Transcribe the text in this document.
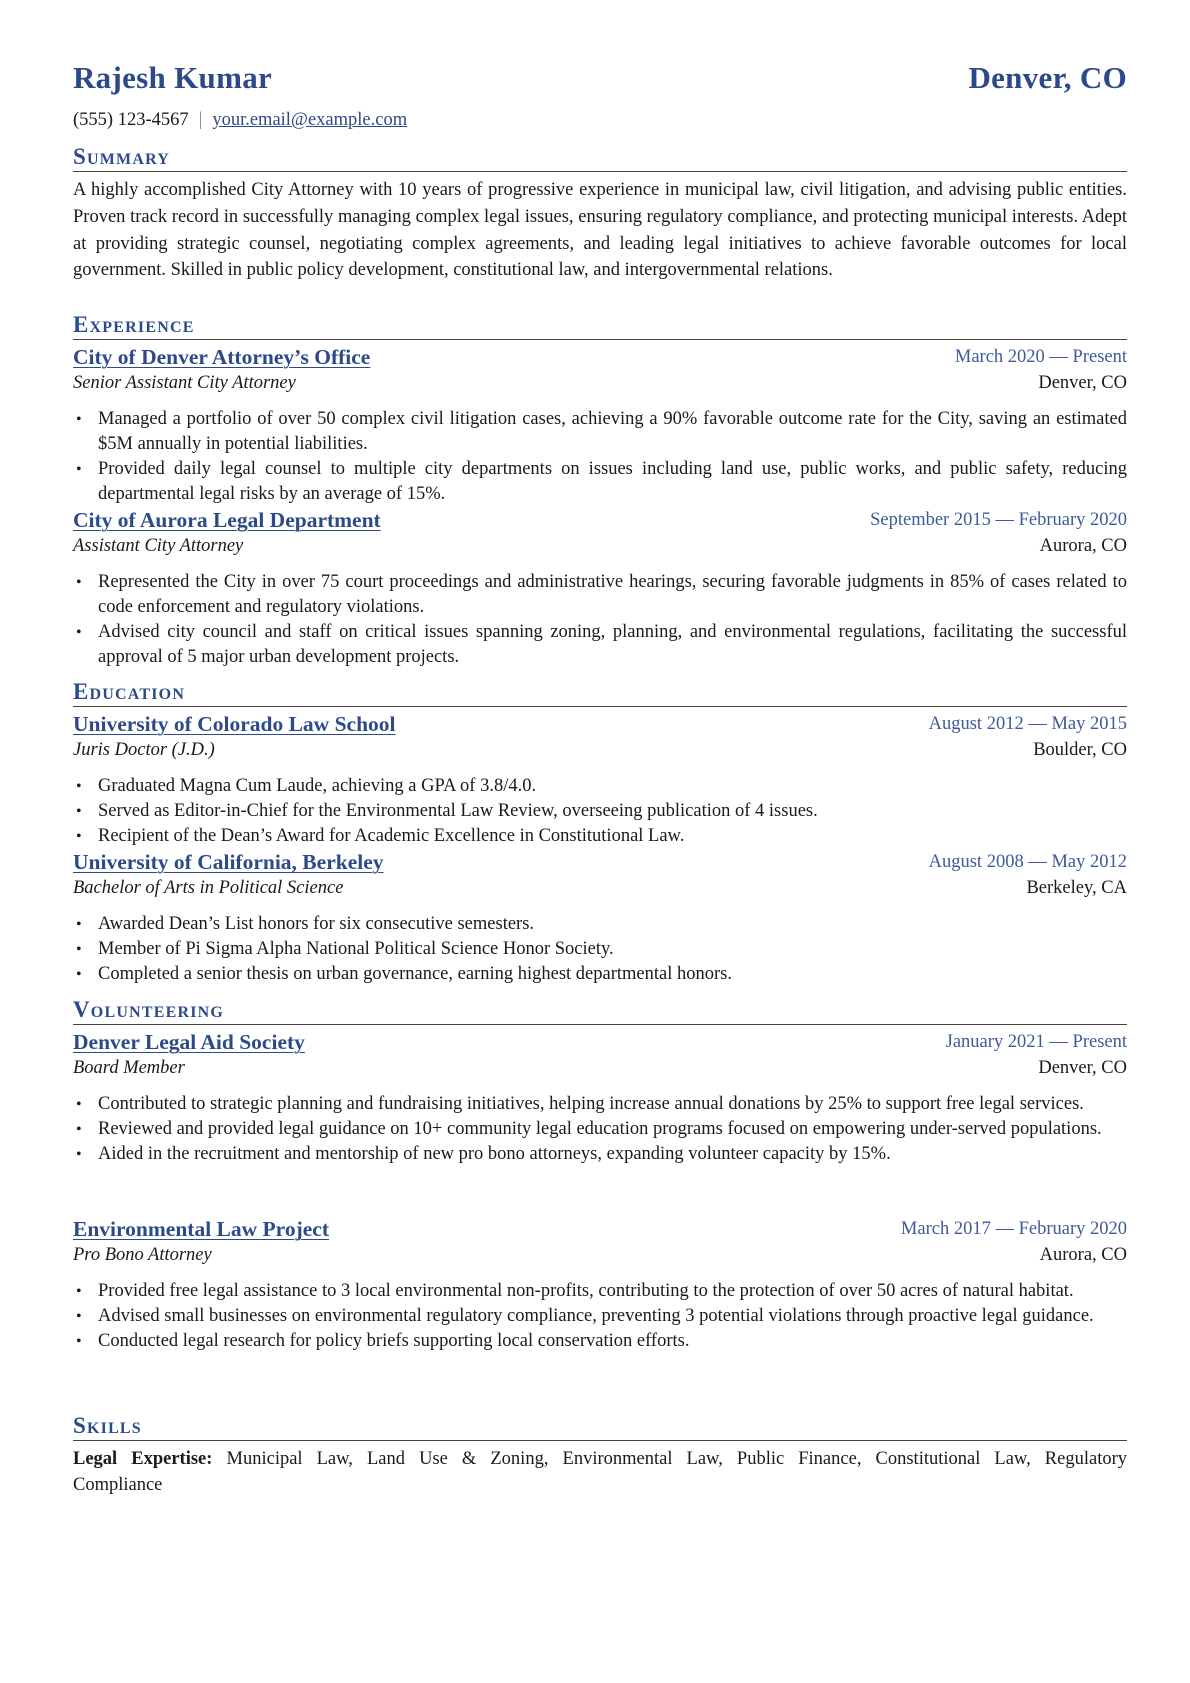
Rajesh Kumar	Denver, CO
(555) 123-4567 | your.email@example.com
Summary
A highly accomplished City Attorney with 10 years of progressive experience in municipal law, civil litigation, and advising public entities. Proven track record in successfully managing complex legal issues, ensuring regulatory compliance, and protecting municipal interests. Adept at providing strategic counsel, negotiating complex agreements, and leading legal initiatives to achieve favorable outcomes for local government. Skilled in public policy development, constitutional law, and intergovernmental relations.
Experience
City of Denver Attorney’s Office	March 2020 — Present
Senior Assistant City Attorney	Denver, CO
• Managed a portfolio of over 50 complex civil litigation cases, achieving a 90% favorable outcome rate for the City, saving an estimated $5M annually in potential liabilities.
• Provided daily legal counsel to multiple city departments on issues including land use, public works, and public safety, reducing departmental legal risks by an average of 15%.
City of Aurora Legal Department	September 2015 — February 2020
Assistant City Attorney	Aurora, CO
• Represented the City in over 75 court proceedings and administrative hearings, securing favorable judgments in 85% of cases related to code enforcement and regulatory violations.
• Advised city council and staff on critical issues spanning zoning, planning, and environmental regulations, facilitating the successful approval of 5 major urban development projects.
Education
University of Colorado Law School	August 2012 — May 2015
Juris Doctor (J.D.)	Boulder, CO
• Graduated Magna Cum Laude, achieving a GPA of 3.8/4.0.
• Served as Editor-in-Chief for the Environmental Law Review, overseeing publication of 4 issues.
• Recipient of the Dean’s Award for Academic Excellence in Constitutional Law.
University of California, Berkeley	August 2008 — May 2012
Bachelor of Arts in Political Science	Berkeley, CA
• Awarded Dean’s List honors for six consecutive semesters.
• Member of Pi Sigma Alpha National Political Science Honor Society.
• Completed a senior thesis on urban governance, earning highest departmental honors.
Volunteering
Denver Legal Aid Society	January 2021 — Present
Board Member	Denver, CO
• Contributed to strategic planning and fundraising initiatives, helping increase annual donations by 25% to support free legal services.
• Reviewed and provided legal guidance on 10+ community legal education programs focused on empowering under-served populations.
• Aided in the recruitment and mentorship of new pro bono attorneys, expanding volunteer capacity by 15%.
Environmental Law Project	March 2017 — February 2020
Pro Bono Attorney	Aurora, CO
• Provided free legal assistance to 3 local environmental non-profits, contributing to the protection of over 50 acres of natural habitat.
• Advised small businesses on environmental regulatory compliance, preventing 3 potential violations through proactive legal guidance.
• Conducted legal research for policy briefs supporting local conservation efforts.
Skills
Legal Expertise: Municipal Law, Land Use & Zoning, Environmental Law, Public Finance, Constitutional Law, Regulatory Compliance
